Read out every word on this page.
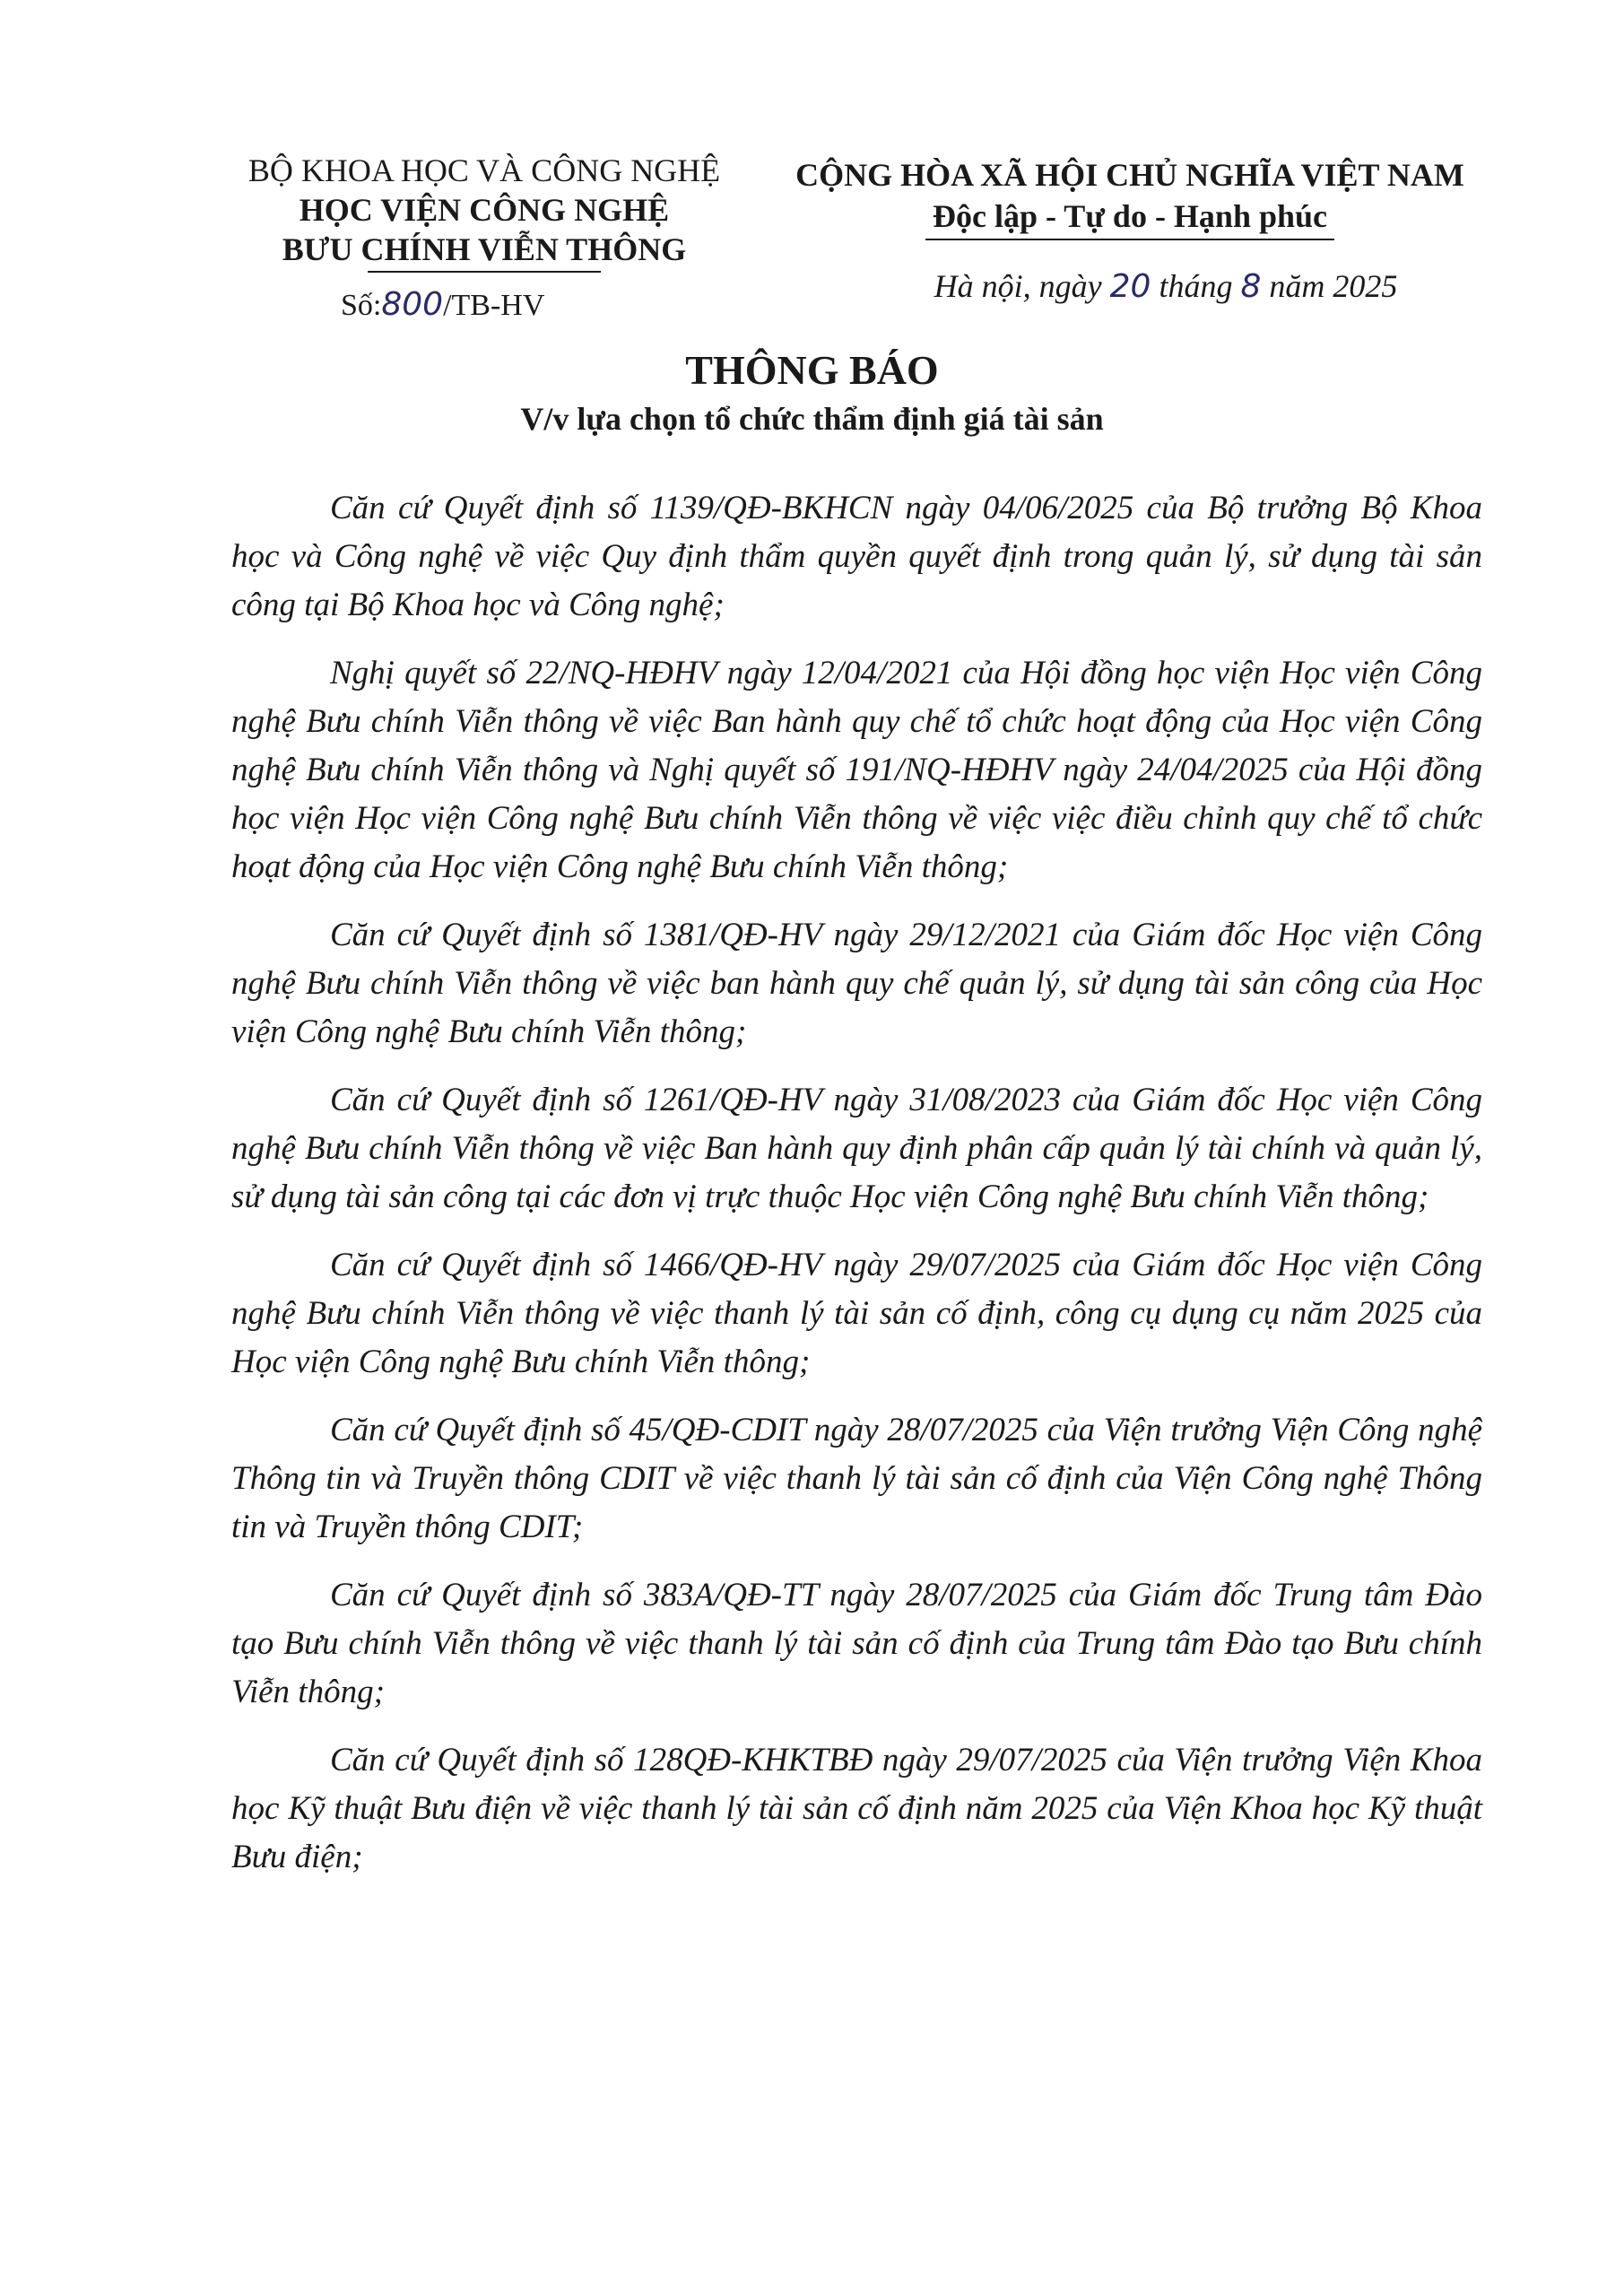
BỘ KHOA HỌC VÀ CÔNG NGHỆ
HỌC VIỆN CÔNG NGHỆ
BƯU CHÍNH VIỄN THÔNG
Số:800/TB-HV
CỘNG HÒA XÃ HỘI CHỦ NGHĨA VIỆT NAM
Độc lập - Tự do - Hạnh phúc
Hà nội, ngày 20 tháng 8 năm 2025
THÔNG BÁO
V/v lựa chọn tổ chức thẩm định giá tài sản

Căn cứ Quyết định số 1139/QĐ-BKHCN ngày 04/06/2025 của Bộ trưởng Bộ Khoa học và Công nghệ về việc Quy định thẩm quyền quyết định trong quản lý, sử dụng tài sản công tại Bộ Khoa học và Công nghệ;

Nghị quyết số 22/NQ-HĐHV ngày 12/04/2021 của Hội đồng học viện Học viện Công nghệ Bưu chính Viễn thông về việc Ban hành quy chế tổ chức hoạt động của Học viện Công nghệ Bưu chính Viễn thông và Nghị quyết số 191/NQ-HĐHV ngày 24/04/2025 của Hội đồng học viện Học viện Công nghệ Bưu chính Viễn thông về việc việc điều chỉnh quy chế tổ chức hoạt động của Học viện Công nghệ Bưu chính Viễn thông;

Căn cứ Quyết định số 1381/QĐ-HV ngày 29/12/2021 của Giám đốc Học viện Công nghệ Bưu chính Viễn thông về việc ban hành quy chế quản lý, sử dụng tài sản công của Học viện Công nghệ Bưu chính Viễn thông;

Căn cứ Quyết định số 1261/QĐ-HV ngày 31/08/2023 của Giám đốc Học viện Công nghệ Bưu chính Viễn thông về việc Ban hành quy định phân cấp quản lý tài chính và quản lý, sử dụng tài sản công tại các đơn vị trực thuộc Học viện Công nghệ Bưu chính Viễn thông;

Căn cứ Quyết định số 1466/QĐ-HV ngày 29/07/2025 của Giám đốc Học viện Công nghệ Bưu chính Viễn thông về việc thanh lý tài sản cố định, công cụ dụng cụ năm 2025 của Học viện Công nghệ Bưu chính Viễn thông;

Căn cứ Quyết định số 45/QĐ-CDIT ngày 28/07/2025 của Viện trưởng Viện Công nghệ Thông tin và Truyền thông CDIT về việc thanh lý tài sản cố định của Viện Công nghệ Thông tin và Truyền thông CDIT;

Căn cứ Quyết định số 383A/QĐ-TT ngày 28/07/2025 của Giám đốc Trung tâm Đào tạo Bưu chính Viễn thông về việc thanh lý tài sản cố định của Trung tâm Đào tạo Bưu chính Viễn thông;

Căn cứ Quyết định số 128QĐ-KHKTBĐ ngày 29/07/2025 của Viện trưởng Viện Khoa học Kỹ thuật Bưu điện về việc thanh lý tài sản cố định năm 2025 của Viện Khoa học Kỹ thuật Bưu điện;
